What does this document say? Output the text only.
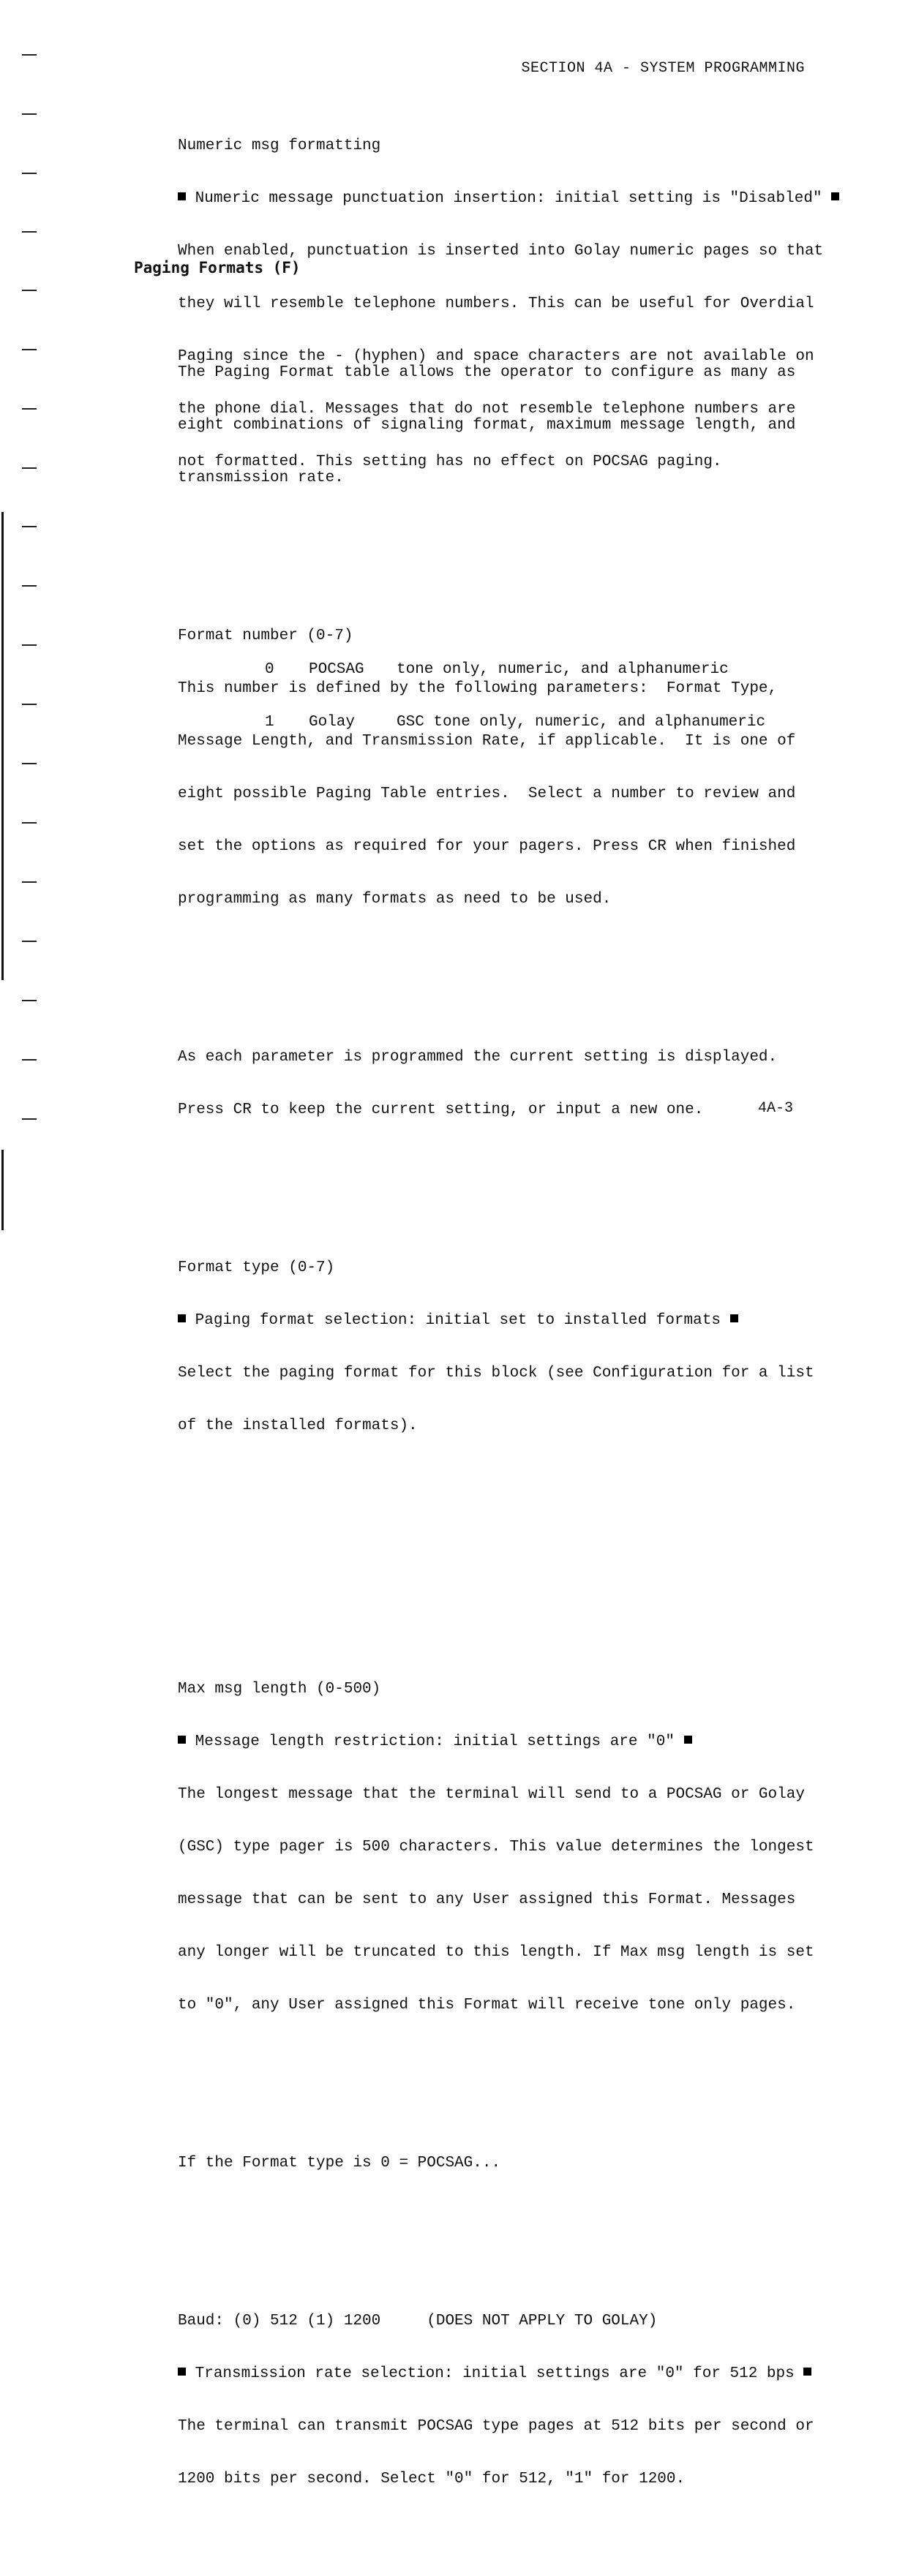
SECTION 4A - SYSTEM PROGRAMMING

Numeric msg formatting

Numeric message punctuation insertion: initial setting is "Disabled"

When enabled, punctuation is inserted into Golay numeric pages so that

they will resemble telephone numbers. This can be useful for Overdial

Paging since the - (hyphen) and space characters are not available on

the phone dial. Messages that do not resemble telephone numbers are

not formatted. This setting has no effect on POCSAG paging.

Paging Formats (F)

The Paging Format table allows the operator to configure as many as

eight combinations of signaling format, maximum message length, and

transmission rate.

Format number (0-7)

This number is defined by the following parameters:  Format Type,

Message Length, and Transmission Rate, if applicable.  It is one of

eight possible Paging Table entries.  Select a number to review and

set the options as required for your pagers. Press CR when finished

programming as many formats as need to be used.

As each parameter is programmed the current setting is displayed.

Press CR to keep the current setting, or input a new one.

Format type (0-7)

Paging format selection: initial set to installed formats

Select the paging format for this block (see Configuration for a list

of the installed formats).

Max msg length (0-500)

Message length restriction: initial settings are "0"

The longest message that the terminal will send to a POCSAG or Golay

(GSC) type pager is 500 characters. This value determines the longest

message that can be sent to any User assigned this Format. Messages

any longer will be truncated to this length. If Max msg length is set

to "0", any User assigned this Format will receive tone only pages.

If the Format type is 0 = POCSAG...

Baud: (0) 512 (1) 1200     (DOES NOT APPLY TO GOLAY)

Transmission rate selection: initial settings are "0" for 512 bps

The terminal can transmit POCSAG type pages at 512 bits per second or

1200 bits per second. Select "0" for 512, "1" for 1200.

0 POCSAG tone only, numeric, and alphanumeric

1 Golay	GSC tone only, numeric, and alphanumeric

4A-3
